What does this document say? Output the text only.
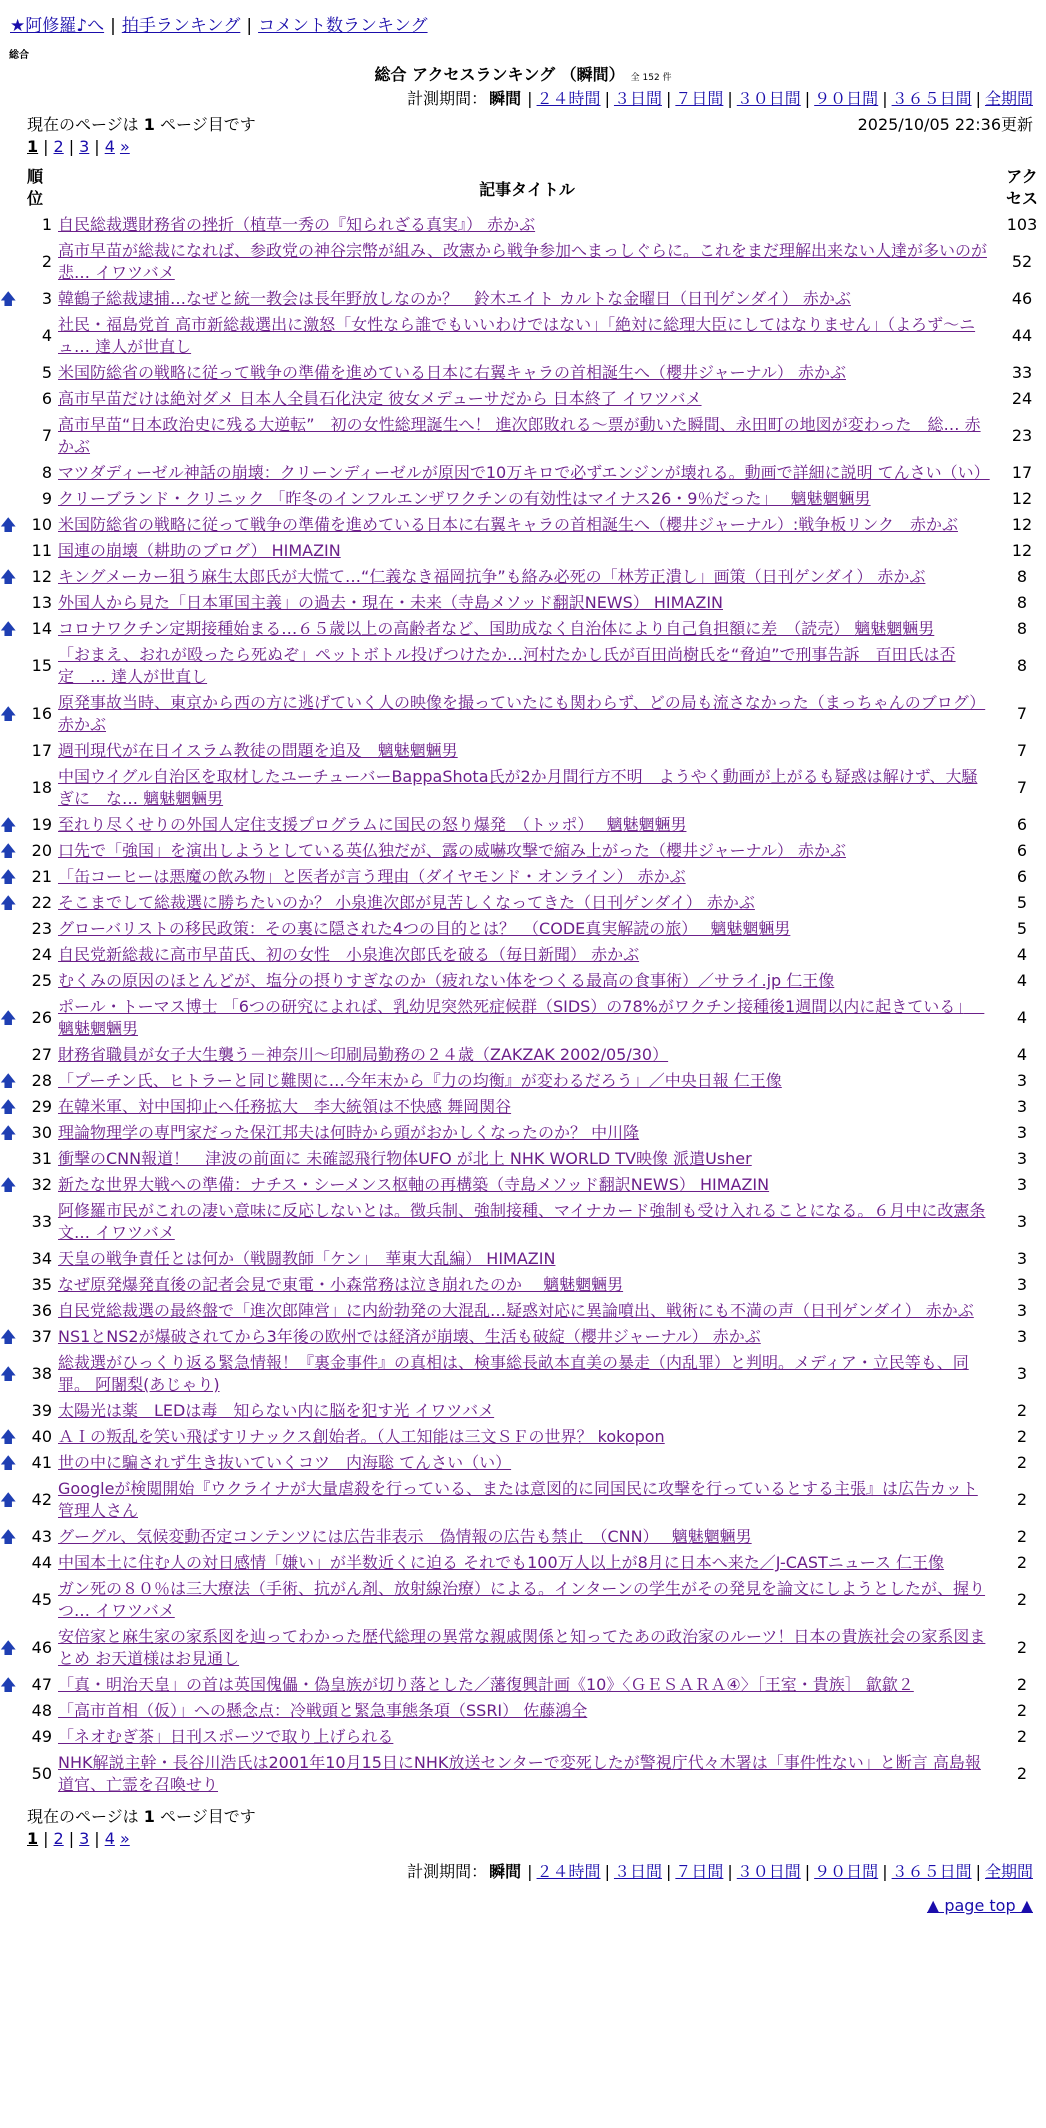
★阿修羅♪へ | 拍手ランキング | コメント数ランキング
総合
総合 アクセスランキング （瞬間） 全 152 件
計測期間： 瞬間 | ２４時間 | ３日間 | ７日間 | ３０日間 | ９０日間 | ３６５日間 | 全期間
現在のページは 1 ページ目です	2025/10/05 22:36更新
1 | 2 | 3 | 4 »
	順
位	記事タイトル	アク
セス
	1	自民総裁選財務省の挫折（植草一秀の『知られざる真実』） 赤かぶ	103
	2	高市早苗が総裁になれば、参政党の神谷宗幣が組み、改憲から戦争参加へまっしぐらに。これをまだ理解出来ない人達が多いのが悲… イワツバメ	52
🡅	3	韓鶴子総裁逮捕…なぜと統一教会は長年野放しなのか？　鈴木エイト カルトな金曜日（日刊ゲンダイ） 赤かぶ	46
	4	社民・福島党首 高市新総裁選出に激怒「女性なら誰でもいいわけではない」「絶対に総理大臣にしてはなりません」（よろず〜ニュ… 達人が世直し	44
	5	米国防総省の戦略に従って戦争の準備を進めている日本に右翼キャラの首相誕生へ（櫻井ジャーナル） 赤かぶ	33
	6	高市早苗だけは絶対ダメ 日本人全員石化決定 彼女メデューサだから 日本終了 イワツバメ	24
	7	高市早苗“日本政治史に残る大逆転”　初の女性総理誕生へ！ 進次郎敗れる〜票が動いた瞬間、永田町の地図が変わった　総… 赤かぶ	23
	8	マツダディーゼル神話の崩壊：クリーンディーゼルが原因で10万キロで必ずエンジンが壊れる。動画で詳細に説明 てんさい（い）	17
	9	クリーブランド・クリニック 「昨冬のインフルエンザワクチンの有効性はマイナス26・9％だった」　 魑魅魍魎男	12
🡅	10	米国防総省の戦略に従って戦争の準備を進めている日本に右翼キャラの首相誕生へ（櫻井ジャーナル）:戦争板リンク　赤かぶ	12
	11	国連の崩壊（耕助のブログ） HIMAZIN	12
🡅	12	キングメーカー狙う麻生太郎氏が大慌て…“仁義なき福岡抗争”も絡み必死の「林芳正潰し」画策（日刊ゲンダイ） 赤かぶ	8
	13	外国人から見た「日本軍国主義」の過去・現在・未来（寺島メソッド翻訳NEWS） HIMAZIN	8
🡅	14	コロナワクチン定期接種始まる…６５歳以上の高齢者など、国助成なく自治体により自己負担額に差　（読売） 魑魅魍魎男	8
	15	「おまえ、おれが殴ったら死ぬぞ」ペットボトル投げつけたか…河村たかし氏が百田尚樹氏を“脅迫”で刑事告訴　百田氏は否定　… 達人が世直し	8
🡅	16	原発事故当時、東京から西の方に逃げていく人の映像を撮っていたにも関わらず、どの局も流さなかった（まっちゃんのブログ） 赤かぶ	7
	17	週刊現代が在日イスラム教徒の問題を追及　魑魅魍魎男	7
	18	中国ウイグル自治区を取材したユーチューバーBappaShota氏が2か月間行方不明　ようやく動画が上がるも疑惑は解けず、大騒ぎに　な… 魑魅魍魎男	7
🡅	19	至れり尽くせりの外国人定住支援プログラムに国民の怒り爆発　（トッポ）　 魑魅魍魎男	6
🡅	20	口先で「強国」を演出しようとしている英仏独だが、露の威嚇攻撃で縮み上がった（櫻井ジャーナル） 赤かぶ	6
🡅	21	「缶コーヒーは悪魔の飲み物」と医者が言う理由（ダイヤモンド・オンライン） 赤かぶ	6
🡅	22	そこまでして総裁選に勝ちたいのか？ 小泉進次郎が見苦しくなってきた（日刊ゲンダイ） 赤かぶ	5
	23	グローバリストの移民政策：その裏に隠された4つの目的とは？　（CODE真実解読の旅）　 魑魅魍魎男	5
	24	自民党新総裁に高市早苗氏、初の女性　小泉進次郎氏を破る（毎日新聞） 赤かぶ	4
	25	むくみの原因のほとんどが、塩分の摂りすぎなのか（疲れない体をつくる最高の食事術）／サライ.jp 仁王像	4
🡅	26	ポール・トーマス博士 「6つの研究によれば、乳幼児突然死症候群（SIDS）の78%がワクチン接種後1週間以内に起きている」　 魑魅魍魎男	4
	27	財務省職員が女子大生襲う－神奈川〜印刷局勤務の２４歳（ZAKZAK 2002/05/30）	4
🡅	28	「プーチン氏、ヒトラーと同じ難関に…今年末から『力の均衡』が変わるだろう」／中央日報 仁王像	3
🡅	29	在韓米軍、対中国抑止へ任務拡大　李大統領は不快感 舞岡関谷	3
🡅	30	理論物理学の専門家だった保江邦夫は何時から頭がおかしくなったのか？ 中川隆	3
	31	衝撃のCNN報道！　津波の前面に 未確認飛行物体UFO が北上 NHK WORLD TV映像 派遣Usher	3
🡅	32	新たな世界大戦への準備：ナチス・シーメンス枢軸の再構築（寺島メソッド翻訳NEWS） HIMAZIN	3
	33	阿修羅市民がこれの凄い意味に反応しないとは。徴兵制、強制接種、マイナカード強制も受け入れることになる。６月中に改憲条文… イワツバメ	3
	34	天皇の戦争責任とは何か（戦闘教師「ケン」　華東大乱編） HIMAZIN	3
	35	なぜ原発爆発直後の記者会見で東電・小森常務は泣き崩れたのか　 魑魅魍魎男	3
	36	自民党総裁選の最終盤で「進次郎陣営」に内紛勃発の大混乱…疑惑対応に異論噴出、戦術にも不満の声（日刊ゲンダイ） 赤かぶ	3
🡅	37	NS1とNS2が爆破されてから3年後の欧州では経済が崩壊、生活も破綻（櫻井ジャーナル） 赤かぶ	3
🡅	38	総裁選がひっくり返る緊急情報！『裏金事件』の真相は、検事総長畝本直美の暴走（内乱罪）と判明。メディア・立民等も、同罪。 阿闍梨(あじゃり)	3
	39	太陽光は薬　LEDは毒　知らない内に脳を犯す光 イワツバメ	2
🡅	40	ＡＩの叛乱を笑い飛ばすリナックス創始者。（人工知能は三文ＳＦの世界？ kokopon	2
🡅	41	世の中に騙されず生き抜いていくコツ　内海聡 てんさい（い）	2
🡅	42	Googleが検閲開始『ウクライナが大量虐殺を行っている、または意図的に同国民に攻撃を行っているとする主張』は広告カット 管理人さん	2
🡅	43	グーグル、気候変動否定コンテンツには広告非表示　偽情報の広告も禁止　（CNN）　 魑魅魍魎男	2
	44	中国本土に住む人の対日感情「嫌い」が半数近くに迫る それでも100万人以上が8月に日本へ来た／J-CASTニュース 仁王像	2
	45	ガン死の８０％は三大療法（手術、抗がん剤、放射線治療）による。インターンの学生がその発見を論文にしようとしたが、握りつ… イワツバメ	2
🡅	46	安倍家と麻生家の家系図を辿ってわかった歴代総理の異常な親戚関係と知ってたあの政治家のルーツ！日本の貴族社会の家系図まとめ お天道様はお見通し	2
🡅	47	「真・明治天皇」の首は英国傀儡・偽皇族が切り落とした／藩復興計画《10》〈ＧＥＳＡＲＡ④〉［王室・貴族］ 歙歙２	2
	48	「高市首相（仮）」への懸念点：冷戦頭と緊急事態条項（SSRI） 佐藤鴻全	2
	49	「ネオむぎ茶」日刊スポーツで取り上げられる	2
	50	NHK解説主幹・長谷川浩氏は2001年10月15日にNHK放送センターで変死したが警視庁代々木署は「事件性ない」と断言 高島報道官、亡霊を召喚せり	2
現在のページは 1 ページ目です
1 | 2 | 3 | 4 »
計測期間： 瞬間 | ２４時間 | ３日間 | ７日間 | ３０日間 | ９０日間 | ３６５日間 | 全期間
▲ page top ▲
